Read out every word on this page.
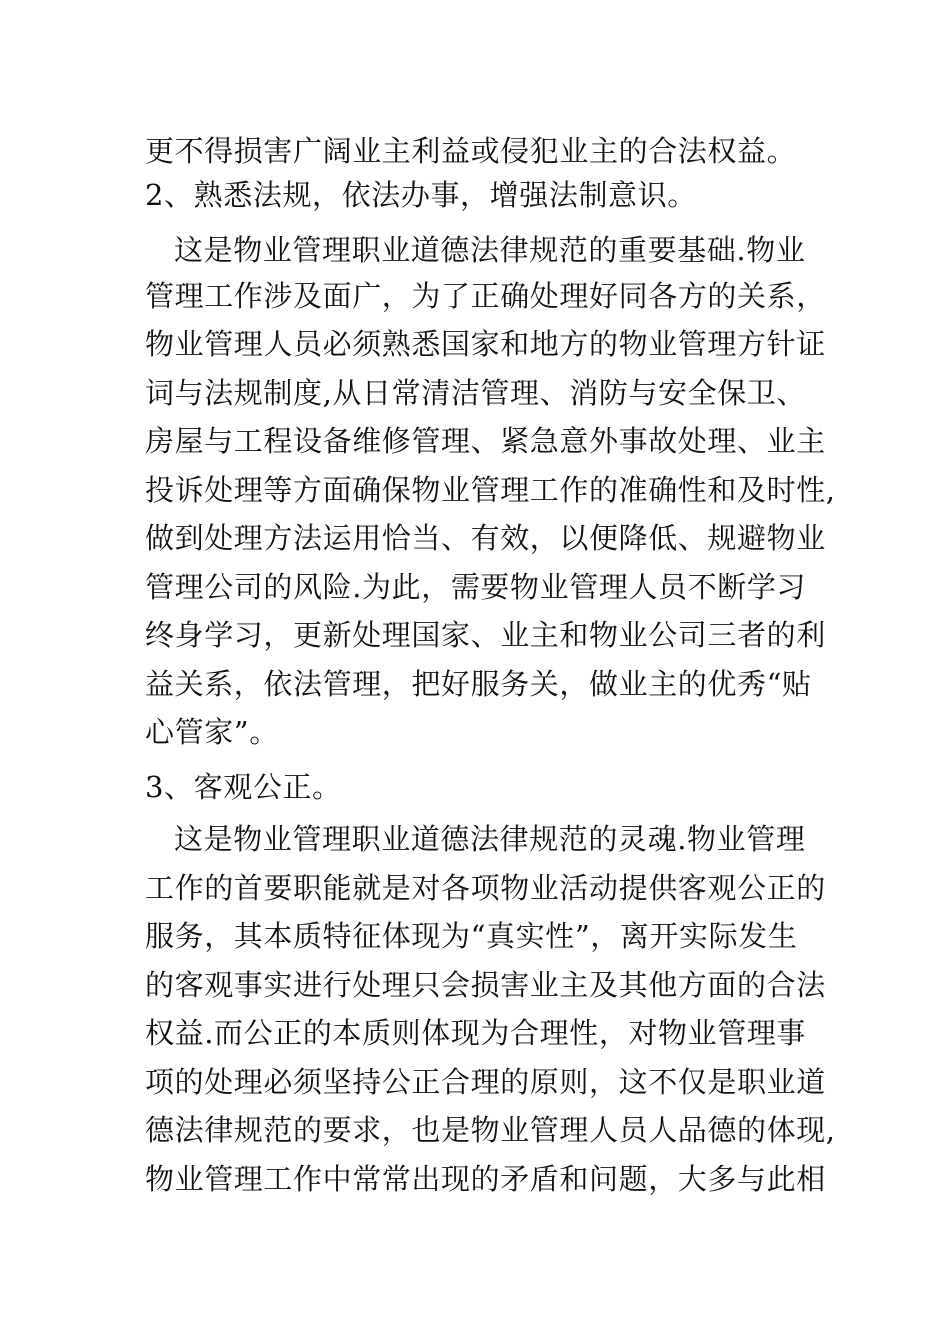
更不得损害广阔业主利益或侵犯业主的合法权益。
2、熟悉法规，依法办事，增强法制意识。
这是物业管理职业道德法律规范的重要基础.物业
管理工作涉及面广，为了正确处理好同各方的关系，
物业管理人员必须熟悉国家和地方的物业管理方针证
词与法规制度,从日常清洁管理、消防与安全保卫、
房屋与工程设备维修管理、紧急意外事故处理、业主
投诉处理等方面确保物业管理工作的准确性和及时性,
做到处理方法运用恰当、有效，以便降低、规避物业
管理公司的风险.为此，需要物业管理人员不断学习
终身学习，更新处理国家、业主和物业公司三者的利
益关系，依法管理，把好服务关，做业主的优秀“贴
心管家”。
3、客观公正。
这是物业管理职业道德法律规范的灵魂.物业管理
工作的首要职能就是对各项物业活动提供客观公正的
服务，其本质特征体现为“真实性”，离开实际发生
的客观事实进行处理只会损害业主及其他方面的合法
权益.而公正的本质则体现为合理性，对物业管理事
项的处理必须坚持公正合理的原则，这不仅是职业道
德法律规范的要求，也是物业管理人员人品德的体现,
物业管理工作中常常出现的矛盾和问题，大多与此相
